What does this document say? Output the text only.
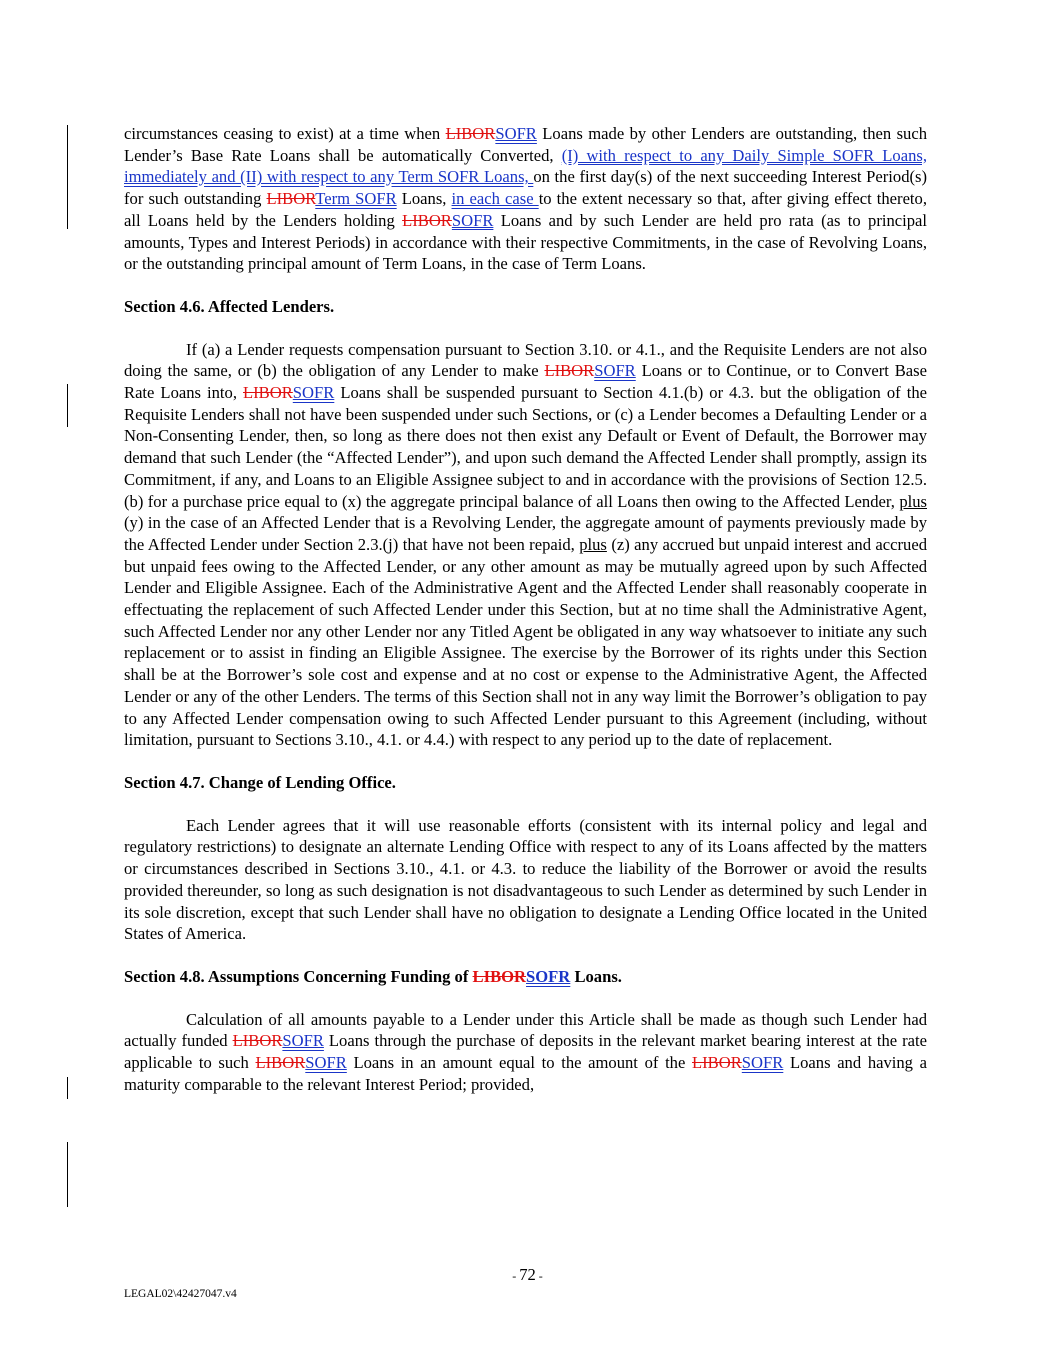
circumstances ceasing to exist) at a time when LIBORSOFR Loans made by other Lenders are outstanding, then such Lender’s Base Rate Loans shall be automatically Converted, (I) with respect to any Daily Simple SOFR Loans, immediately and (II) with respect to any Term SOFR Loans, on the first day(s) of the next succeeding Interest Period(s) for such outstanding LIBORTerm SOFR Loans, in each case to the extent necessary so that, after giving effect thereto, all Loans held by the Lenders holding LIBORSOFR Loans and by such Lender are held pro rata (as to principal amounts, Types and Interest Periods) in accordance with their respective Commitments, in the case of Revolving Loans, or the outstanding principal amount of Term Loans, in the case of Term Loans.

Section 4.6. Affected Lenders.

If (a) a Lender requests compensation pursuant to Section 3.10. or 4.1., and the Requisite Lenders are not also doing the same, or (b) the obligation of any Lender to make LIBORSOFR Loans or to Continue, or to Convert Base Rate Loans into, LIBORSOFR Loans shall be suspended pursuant to Section 4.1.(b) or 4.3. but the obligation of the Requisite Lenders shall not have been suspended under such Sections, or (c) a Lender becomes a Defaulting Lender or a Non-Consenting Lender, then, so long as there does not then exist any Default or Event of Default, the Borrower may demand that such Lender (the “Affected Lender”), and upon such demand the Affected Lender shall promptly, assign its Commitment, if any, and Loans to an Eligible Assignee subject to and in accordance with the provisions of Section 12.5.(b) for a purchase price equal to (x) the aggregate principal balance of all Loans then owing to the Affected Lender, plus (y) in the case of an Affected Lender that is a Revolving Lender, the aggregate amount of payments previously made by the Affected Lender under Section 2.3.(j) that have not been repaid, plus (z) any accrued but unpaid interest and accrued but unpaid fees owing to the Affected Lender, or any other amount as may be mutually agreed upon by such Affected Lender and Eligible Assignee. Each of the Administrative Agent and the Affected Lender shall reasonably cooperate in effectuating the replacement of such Affected Lender under this Section, but at no time shall the Administrative Agent, such Affected Lender nor any other Lender nor any Titled Agent be obligated in any way whatsoever to initiate any such replacement or to assist in finding an Eligible Assignee. The exercise by the Borrower of its rights under this Section shall be at the Borrower’s sole cost and expense and at no cost or expense to the Administrative Agent, the Affected Lender or any of the other Lenders. The terms of this Section shall not in any way limit the Borrower’s obligation to pay to any Affected Lender compensation owing to such Affected Lender pursuant to this Agreement (including, without limitation, pursuant to Sections 3.10., 4.1. or 4.4.) with respect to any period up to the date of replacement.

Section 4.7. Change of Lending Office.

Each Lender agrees that it will use reasonable efforts (consistent with its internal policy and legal and regulatory restrictions) to designate an alternate Lending Office with respect to any of its Loans affected by the matters or circumstances described in Sections 3.10., 4.1. or 4.3. to reduce the liability of the Borrower or avoid the results provided thereunder, so long as such designation is not disadvantageous to such Lender as determined by such Lender in its sole discretion, except that such Lender shall have no obligation to designate a Lending Office located in the United States of America.

Section 4.8. Assumptions Concerning Funding of LIBORSOFR Loans.

Calculation of all amounts payable to a Lender under this Article shall be made as though such Lender had actually funded LIBORSOFR Loans through the purchase of deposits in the relevant market bearing interest at the rate applicable to such LIBORSOFR Loans in an amount equal to the amount of the LIBORSOFR Loans and having a maturity comparable to the relevant Interest Period; provided,

- 72 -
LEGAL02\42427047.v4
